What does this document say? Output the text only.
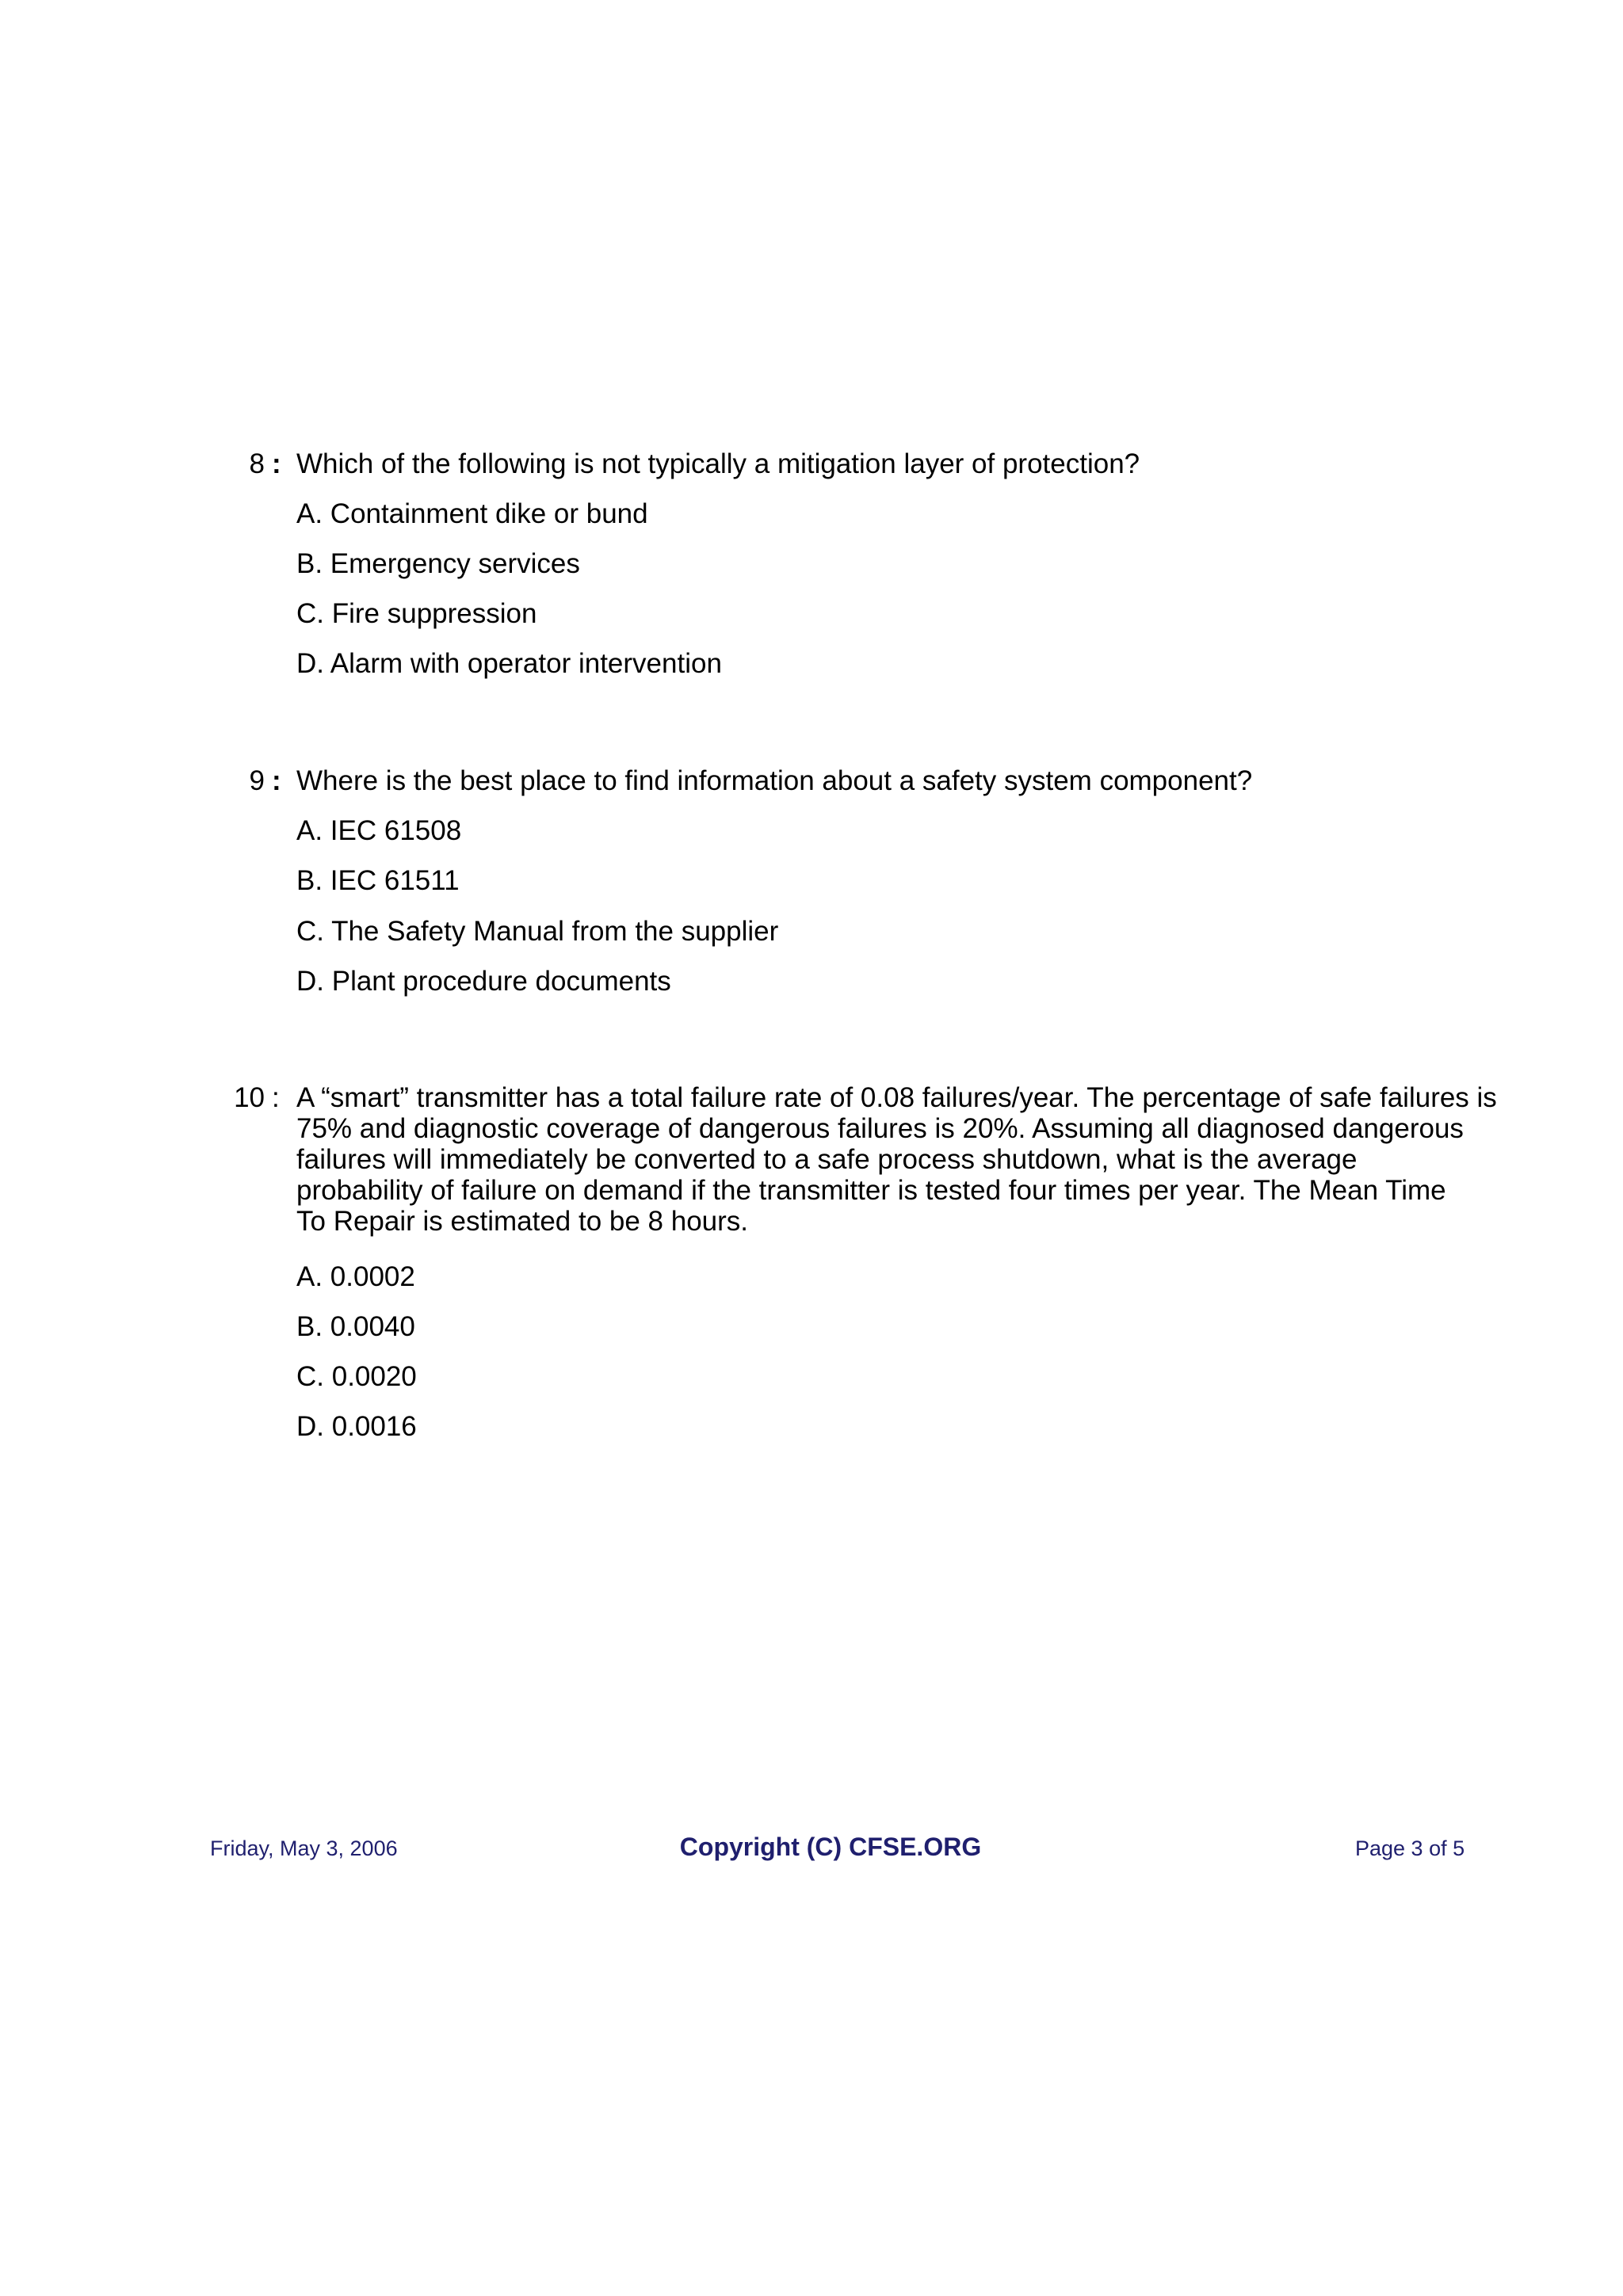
8 : Which of the following is not typically a mitigation layer of protection?
A. Containment dike or bund
B. Emergency services
C. Fire suppression
D. Alarm with operator intervention
9 : Where is the best place to find information about a safety system component?
A. IEC 61508
B. IEC 61511
C. The Safety Manual from the supplier
D. Plant procedure documents
10 : A “smart” transmitter has a total failure rate of 0.08 failures/year. The percentage of safe failures is
75% and diagnostic coverage of dangerous failures is 20%. Assuming all diagnosed dangerous
failures will immediately be converted to a safe process shutdown, what is the average
probability of failure on demand if the transmitter is tested four times per year. The Mean Time
To Repair is estimated to be 8 hours.
A. 0.0002
B. 0.0040
C. 0.0020
D. 0.0016
Friday, May 3, 2006	Copyright (C) CFSE.ORG	Page 3 of 5
